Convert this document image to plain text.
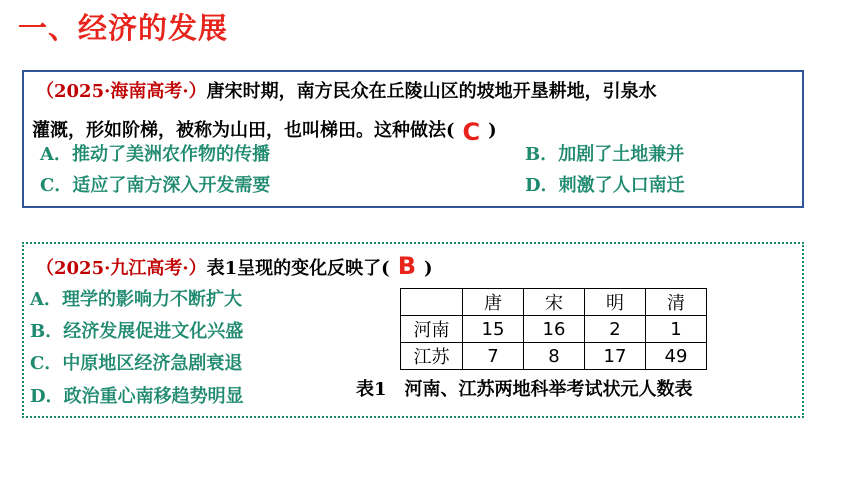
一、经济的发展
（2025·海南高考·）唐宋时期，南方民众在丘陵山区的坡地开垦耕地，引泉水
灌溉，形如阶梯，被称为山田，也叫梯田。这种做法( C )
A．推动了美洲农作物的传播	B．加剧了土地兼并
C．适应了南方深入开发需要	D．刺激了人口南迁
（2025·九江高考·）表1呈现的变化反映了( B )
A．理学的影响力不断扩大
B．经济发展促进文化兴盛
C．中原地区经济急剧衰退
D．政治重心南移趋势明显
	唐	宋	明	清
河南	15	16	2	1
江苏	7	8	17	49
表1　河南、江苏两地科举考试状元人数表
